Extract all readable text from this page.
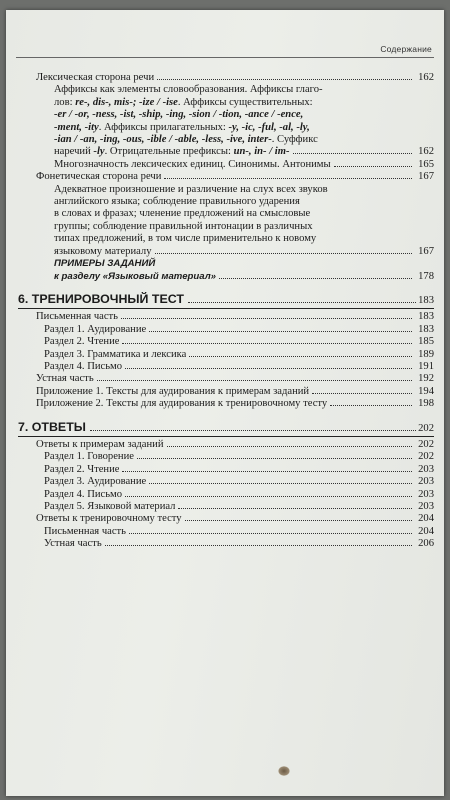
Содержание
Лексическая сторона речи	162
Аффиксы как элементы словообразования. Аффиксы глаго-
лов: re-, dis-, mis-; -ize / -ise. Аффиксы существительных:
-er / -or, -ness, -ist, -ship, -ing, -sion / -tion, -ance / -ence,
-ment, -ity. Аффиксы прилагательных: -y, -ic, -ful, -al, -ly,
-ian / -an, -ing, -ous, -ible / -able, -less, -ive, inter-. Суффикс
наречий -ly. Отрицательные префиксы: un-, in- / im-	162
Многозначность лексических единиц. Синонимы. Антонимы	165
Фонетическая сторона речи	167
Адекватное произношение и различение на слух всех звуков
английского языка; соблюдение правильного ударения
в словах и фразах; членение предложений на смысловые
группы; соблюдение правильной интонации в различных
типах предложений, в том числе применительно к новому
языковому материалу	167
ПРИМЕРЫ ЗАДАНИЙ
к разделу «Языковый материал»	178
6. ТРЕНИРОВОЧНЫЙ ТЕСТ	183
Письменная часть	183
Раздел 1. Аудирование	183
Раздел 2. Чтение	185
Раздел 3. Грамматика и лексика	189
Раздел 4. Письмо	191
Устная часть	192
Приложение 1. Тексты для аудирования к примерам заданий	194
Приложение 2. Тексты для аудирования к тренировочному тесту	198
7. ОТВЕТЫ	202
Ответы к примерам заданий	202
Раздел 1. Говорение	202
Раздел 2. Чтение	203
Раздел 3. Аудирование	203
Раздел 4. Письмо	203
Раздел 5. Языковой материал	203
Ответы к тренировочному тесту	204
Письменная часть	204
Устная часть	206
